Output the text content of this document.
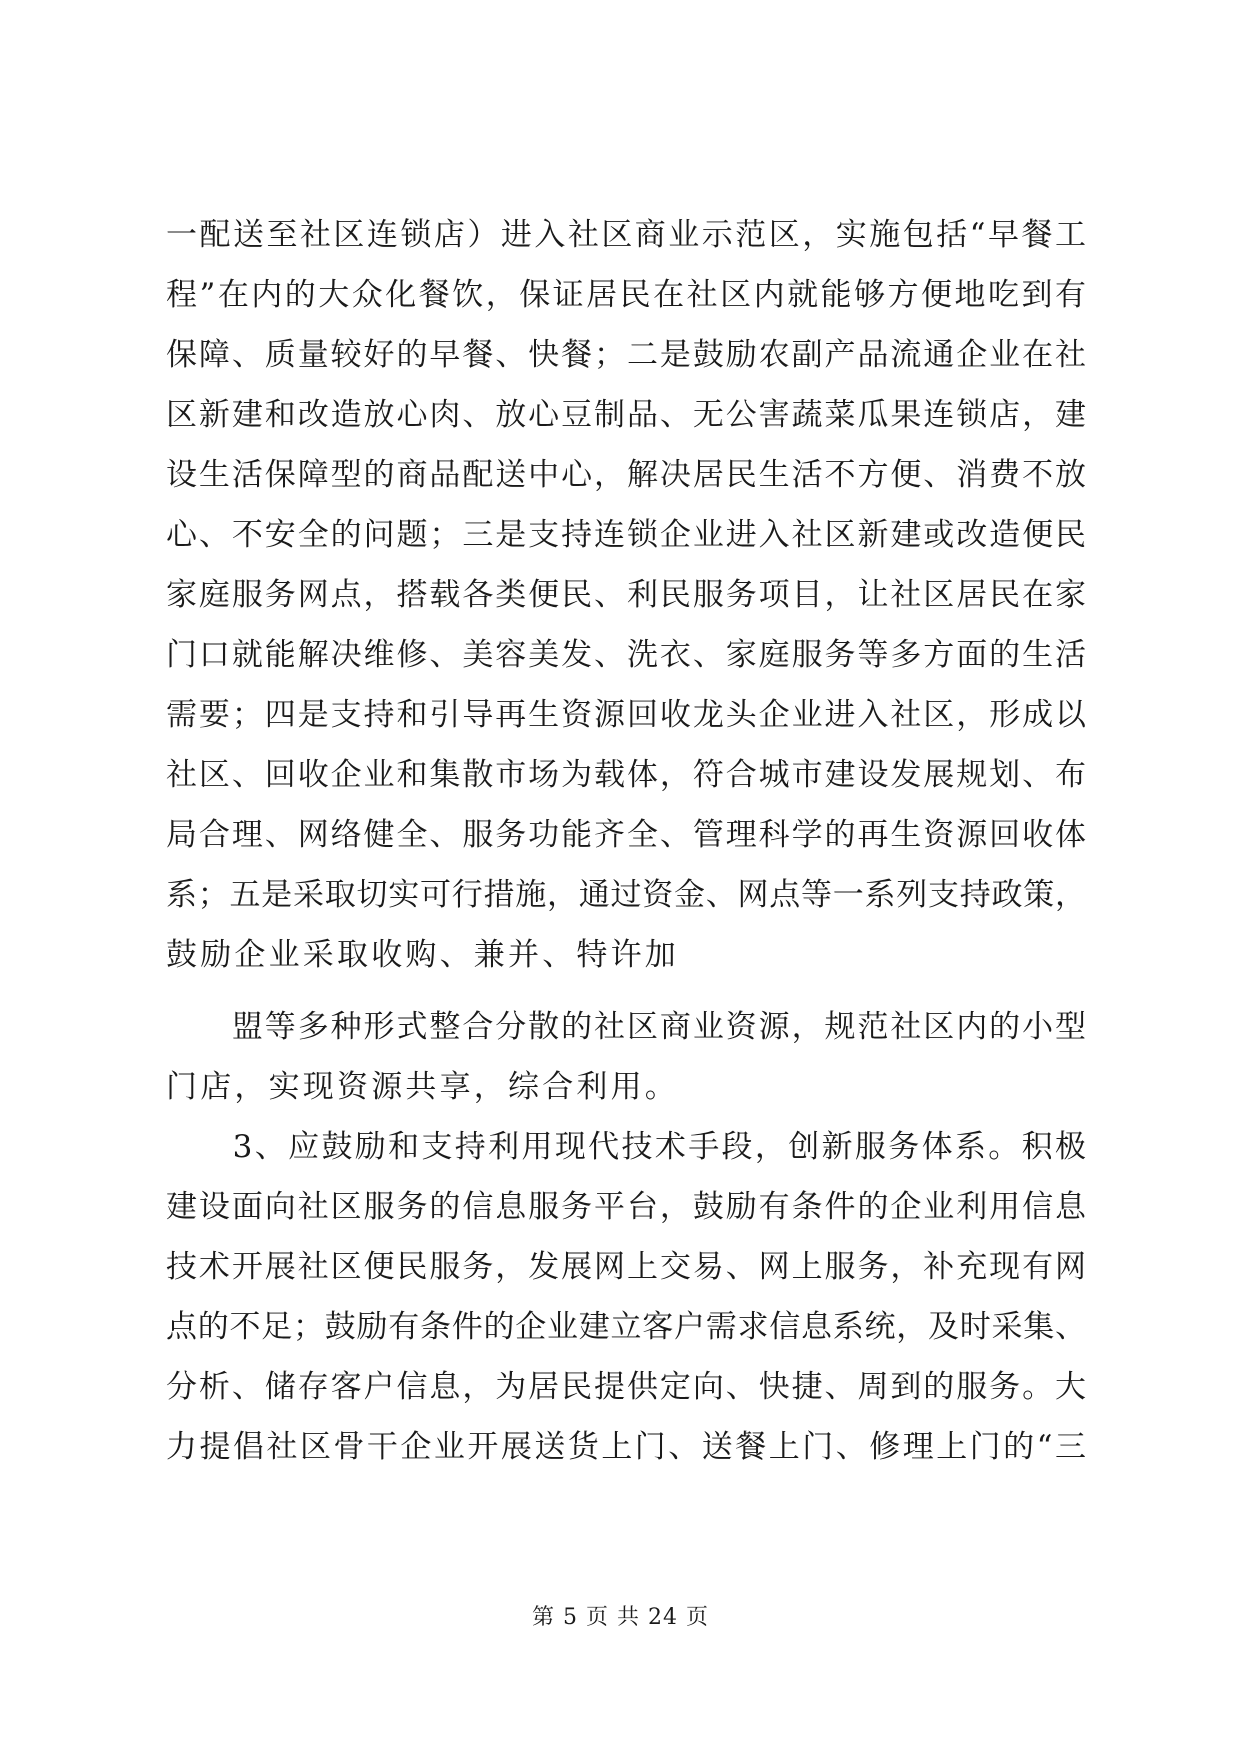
一配送至社区连锁店）进入社区商业示范区，实施包括“早餐工
程”在内的大众化餐饮，保证居民在社区内就能够方便地吃到有
保障、质量较好的早餐、快餐；二是鼓励农副产品流通企业在社
区新建和改造放心肉、放心豆制品、无公害蔬菜瓜果连锁店，建
设生活保障型的商品配送中心，解决居民生活不方便、消费不放
心、不安全的问题；三是支持连锁企业进入社区新建或改造便民
家庭服务网点，搭载各类便民、利民服务项目，让社区居民在家
门口就能解决维修、美容美发、洗衣、家庭服务等多方面的生活
需要；四是支持和引导再生资源回收龙头企业进入社区，形成以
社区、回收企业和集散市场为载体，符合城市建设发展规划、布
局合理、网络健全、服务功能齐全、管理科学的再生资源回收体
系；五是采取切实可行措施，通过资金、网点等一系列支持政策，
鼓励企业采取收购、兼并、特许加
　　盟等多种形式整合分散的社区商业资源，规范社区内的小型
门店，实现资源共享，综合利用。
　　3、应鼓励和支持利用现代技术手段，创新服务体系。积极
建设面向社区服务的信息服务平台，鼓励有条件的企业利用信息
技术开展社区便民服务，发展网上交易、网上服务，补充现有网
点的不足；鼓励有条件的企业建立客户需求信息系统，及时采集、
分析、储存客户信息，为居民提供定向、快捷、周到的服务。大
力提倡社区骨干企业开展送货上门、送餐上门、修理上门的“三
第 5 页 共 24 页
